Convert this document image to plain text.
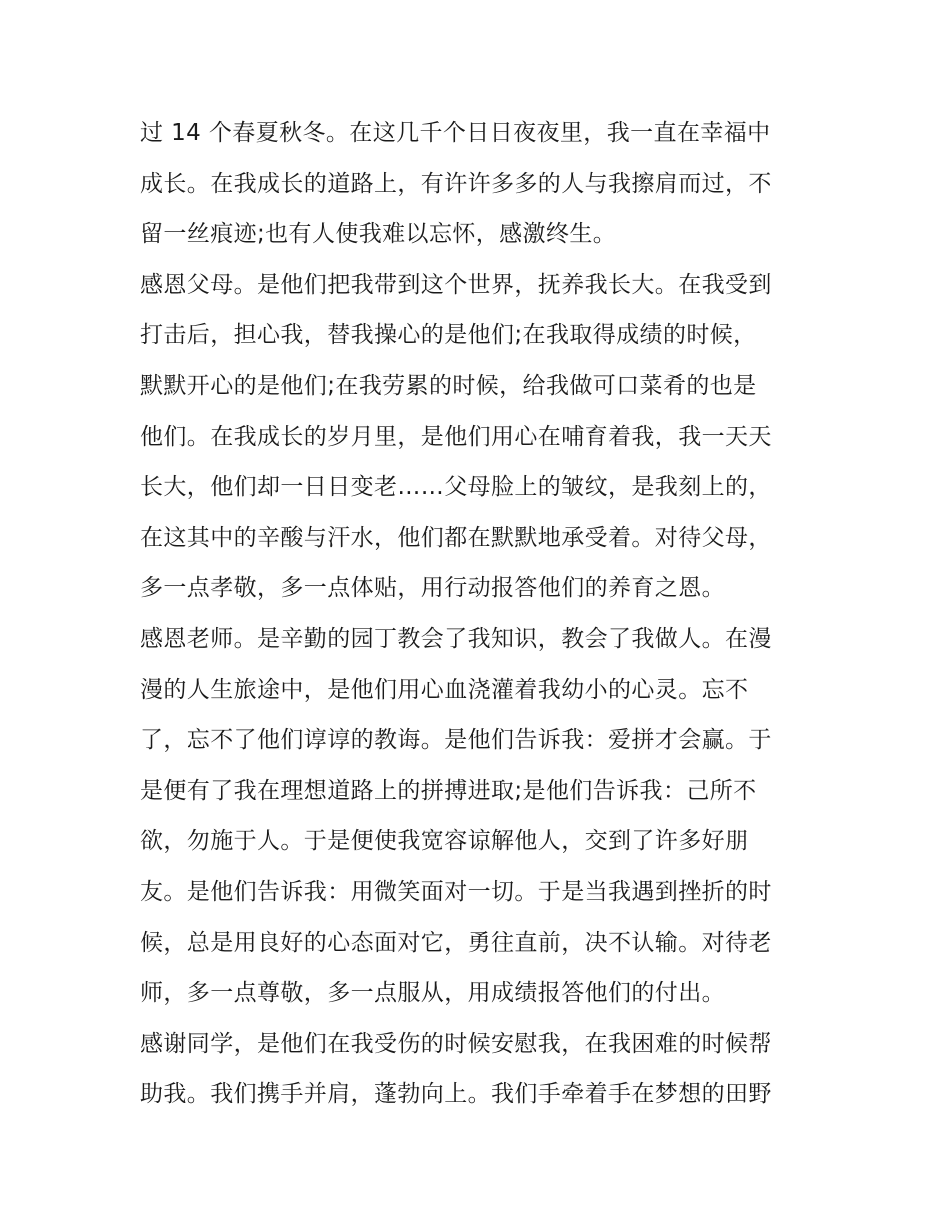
过 14 个春夏秋冬。在这几千个日日夜夜里，我一直在幸福中
成长。在我成长的道路上，有许许多多的人与我擦肩而过，不
留一丝痕迹;也有人使我难以忘怀，感激终生。
感恩父母。是他们把我带到这个世界，抚养我长大。在我受到
打击后，担心我，替我操心的是他们;在我取得成绩的时候，
默默开心的是他们;在我劳累的时候，给我做可口菜肴的也是
他们。在我成长的岁月里，是他们用心在哺育着我，我一天天
长大，他们却一日日变老……父母脸上的皱纹，是我刻上的，
在这其中的辛酸与汗水，他们都在默默地承受着。对待父母，
多一点孝敬，多一点体贴，用行动报答他们的养育之恩。
感恩老师。是辛勤的园丁教会了我知识，教会了我做人。在漫
漫的人生旅途中，是他们用心血浇灌着我幼小的心灵。忘不
了，忘不了他们谆谆的教诲。是他们告诉我：爱拼才会赢。于
是便有了我在理想道路上的拼搏进取;是他们告诉我：己所不
欲，勿施于人。于是便使我宽容谅解他人，交到了许多好朋
友。是他们告诉我：用微笑面对一切。于是当我遇到挫折的时
候，总是用良好的心态面对它，勇往直前，决不认输。对待老
师，多一点尊敬，多一点服从，用成绩报答他们的付出。
感谢同学，是他们在我受伤的时候安慰我，在我困难的时候帮
助我。我们携手并肩，蓬勃向上。我们手牵着手在梦想的田野
